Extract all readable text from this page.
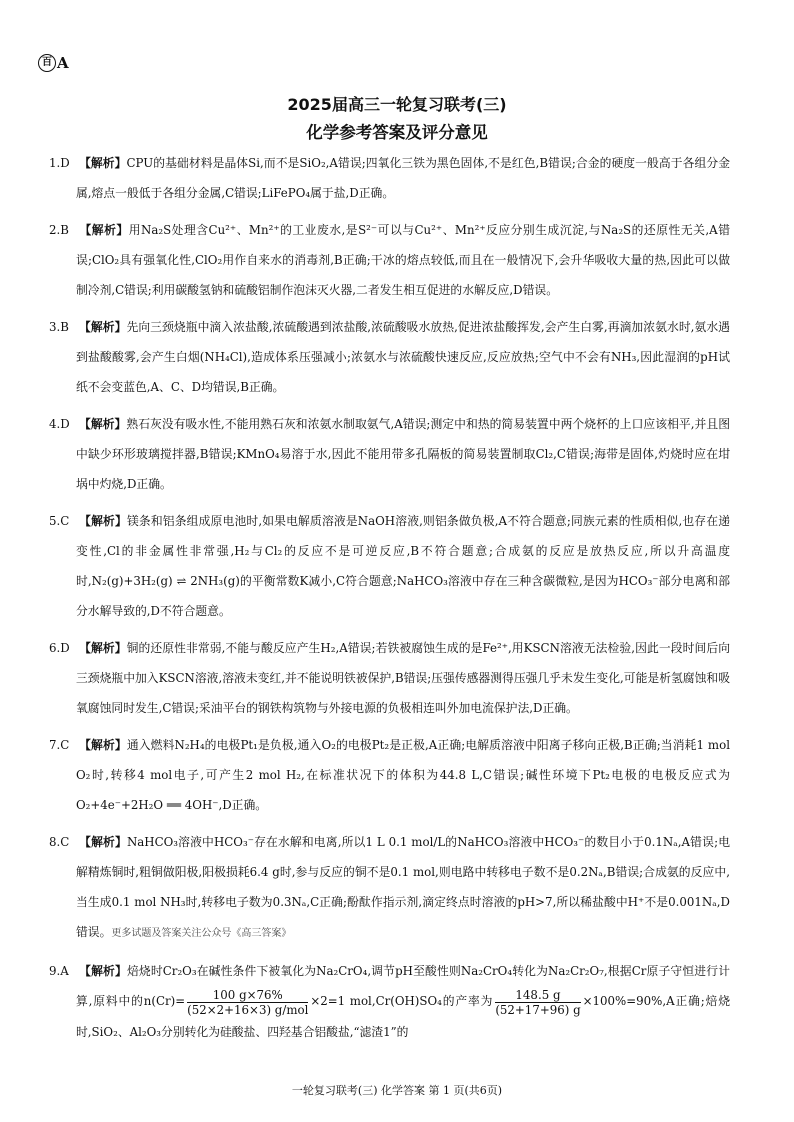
百 A
2025届高三一轮复习联考(三)
化学参考答案及评分意见

1.D 【解析】CPU的基础材料是晶体Si,而不是SiO₂,A错误;四氧化三铁为黑色固体,不是红色,B错误;合金的硬度一般高于各组分金属,熔点一般低于各组分金属,C错误;LiFePO₄属于盐,D正确。

2.B 【解析】用Na₂S处理含Cu²⁺、Mn²⁺的工业废水,是S²⁻可以与Cu²⁺、Mn²⁺反应分别生成沉淀,与Na₂S的还原性无关,A错误;ClO₂具有强氧化性,ClO₂用作自来水的消毒剂,B正确;干冰的熔点较低,而且在一般情况下,会升华吸收大量的热,因此可以做制冷剂,C错误;利用碳酸氢钠和硫酸铝制作泡沫灭火器,二者发生相互促进的水解反应,D错误。

3.B 【解析】先向三颈烧瓶中滴入浓盐酸,浓硫酸遇到浓盐酸,浓硫酸吸水放热,促进浓盐酸挥发,会产生白雾,再滴加浓氨水时,氨水遇到盐酸酸雾,会产生白烟(NH₄Cl),造成体系压强减小;浓氨水与浓硫酸快速反应,反应放热;空气中不会有NH₃,因此湿润的pH试纸不会变蓝色,A、C、D均错误,B正确。

4.D 【解析】熟石灰没有吸水性,不能用熟石灰和浓氨水制取氨气,A错误;测定中和热的简易装置中两个烧杯的上口应该相平,并且图中缺少环形玻璃搅拌器,B错误;KMnO₄易溶于水,因此不能用带多孔隔板的简易装置制取Cl₂,C错误;海带是固体,灼烧时应在坩埚中灼烧,D正确。

5.C 【解析】镁条和铝条组成原电池时,如果电解质溶液是NaOH溶液,则铝条做负极,A不符合题意;同族元素的性质相似,也存在递变性,Cl的非金属性非常强,H₂与Cl₂的反应不是可逆反应,B不符合题意;合成氨的反应是放热反应,所以升高温度时,N₂(g)+3H₂(g) ⇌ 2NH₃(g)的平衡常数K减小,C符合题意;NaHCO₃溶液中存在三种含碳微粒,是因为HCO₃⁻部分电离和部分水解导致的,D不符合题意。

6.D 【解析】铜的还原性非常弱,不能与酸反应产生H₂,A错误;若铁被腐蚀生成的是Fe²⁺,用KSCN溶液无法检验,因此一段时间后向三颈烧瓶中加入KSCN溶液,溶液未变红,并不能说明铁被保护,B错误;压强传感器测得压强几乎未发生变化,可能是析氢腐蚀和吸氧腐蚀同时发生,C错误;采油平台的钢铁构筑物与外接电源的负极相连叫外加电流保护法,D正确。

7.C 【解析】通入燃料N₂H₄的电极Pt₁是负极,通入O₂的电极Pt₂是正极,A正确;电解质溶液中阳离子移向正极,B正确;当消耗1 mol O₂时,转移4 mol电子,可产生2 mol H₂,在标准状况下的体积为44.8 L,C错误;碱性环境下Pt₂电极的电极反应式为O₂+4e⁻+2H₂O ══ 4OH⁻,D正确。

8.C 【解析】NaHCO₃溶液中HCO₃⁻存在水解和电离,所以1 L 0.1 mol/L的NaHCO₃溶液中HCO₃⁻的数目小于0.1Nₐ,A错误;电解精炼铜时,粗铜做阳极,阳极损耗6.4 g时,参与反应的铜不是0.1 mol,则电路中转移电子数不是0.2Nₐ,B错误;合成氨的反应中,当生成0.1 mol NH₃时,转移电子数为0.3Nₐ,C正确;酚酞作指示剂,滴定终点时溶液的pH>7,所以稀盐酸中H⁺不是0.001Nₐ,D错误。更多试题及答案关注公众号《高三答案》

9.A 【解析】焙烧时Cr₂O₃在碱性条件下被氧化为Na₂CrO₄,调节pH至酸性则Na₂CrO₄转化为Na₂Cr₂O₇,根据Cr原子守恒进行计算,原料中的$n(Cr)= \frac{100 g\times 76\%}{\text{(52×2+16×3) g/mol}} \times 2=1$ mol,Cr(OH)SO₄的产率为 $\frac{148.5 g}{(52+17+96) g} \times 100\%=90\%,A$正确;焙烧时,SiO₂、Al₂O₃分别转化为硅酸盐、四羟基合铝酸盐,“滤渣1”的

一轮复习联考(三) 化学答案 第 1 页(共6页)
